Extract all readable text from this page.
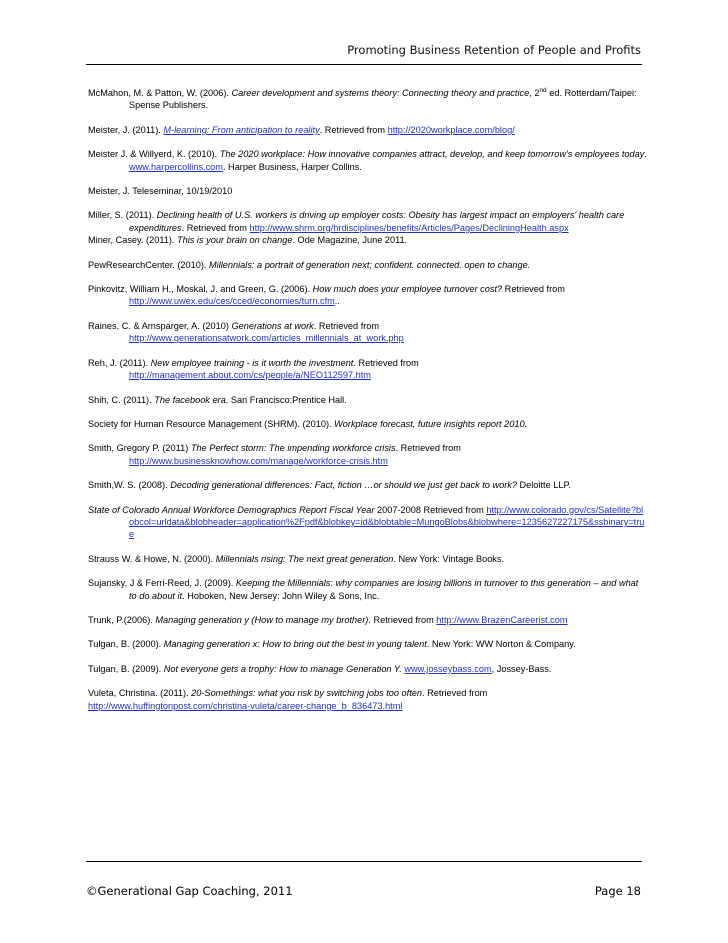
Promoting Business Retention of People and Profits

McMahon, M. & Patton, W. (2006). Career development and systems theory: Connecting theory and practice, 2nd ed. Rotterdam/Taipei: Spense Publishers.

Meister, J. (2011). M-learning: From anticipation to reality. Retrieved from http://2020workplace.com/blog/

Meister J. & Willyerd, K. (2010). The 2020 workplace: How innovative companies attract, develop, and keep tomorrow's employees today. www.harpercollins.com. Harper Business, Harper Collins.

Meister, J. Teleseminar, 10/19/2010

Miller, S. (2011). Declining health of U.S. workers is driving up employer costs: Obesity has largest impact on employers' health care expenditures. Retrieved from http://www.shrm.org/hrdisciplines/benefits/Articles/Pages/DecliningHealth.aspx

Miner, Casey. (2011). This is your brain on change. Ode Magazine, June 2011.

PewResearchCenter. (2010). Millennials: a portrait of generation next; confident. connected. open to change.

Pinkovitz, William H., Moskal, J. and Green, G. (2006). How much does your employee turnover cost? Retrieved from http://www.uwex.edu/ces/cced/economies/turn.cfm..

Raines, C. & Arnsparger, A. (2010) Generations at work. Retrieved from http://www.generationsatwork.com/articles_millennials_at_work.php

Reh, J. (2011). New employee training - is it worth the investment. Retrieved from http://management.about.com/cs/people/a/NEO112597.htm

Shih, C. (2011). The facebook era. San Francisco:Prentice Hall.

Society for Human Resource Management (SHRM). (2010). Workplace forecast, future insights report 2010.

Smith, Gregory P. (2011) The Perfect storm: The impending workforce crisis. Retrieved from http://www.businessknowhow.com/manage/workforce-crisis.htm

Smith,W. S. (2008). Decoding generational differences: Fact, fiction …or should we just get back to work? Deloitte LLP.

State of Colorado Annual Workforce Demographics Report Fiscal Year 2007-2008 Retrieved from http://www.colorado.gov/cs/Satellite?blobcol=urldata&blobheader=application%2Fpdf&blobkey=id&blobtable=MungoBlobs&blobwhere=1235627227175&ssbinary=true

Strauss W. & Howe, N. (2000). Millennials rising: The next great generation. New York: Vintage Books.

Sujansky, J & Ferri-Reed, J. (2009). Keeping the Millennials: why companies are losing billions in turnover to this generation – and what to do about it. Hoboken, New Jersey: John Wiley & Sons, Inc.

Trunk, P.(2006). Managing generation y (How to manage my brother). Retrieved from http://www.BrazenCareerist.com

Tulgan, B. (2000). Managing generation x: How to bring out the best in young talent. New York: WW Norton & Company.

Tulgan, B. (2009). Not everyone gets a trophy: How to manage Generation Y. www.josseybass.com, Jossey-Bass.

Vuleta, Christina. (2011). 20-Somethings: what you risk by switching jobs too often. Retrieved from
http://www.huffingtonpost.com/christina-vuleta/career-change_b_836473.html

©Generational Gap Coaching, 2011	Page 18
